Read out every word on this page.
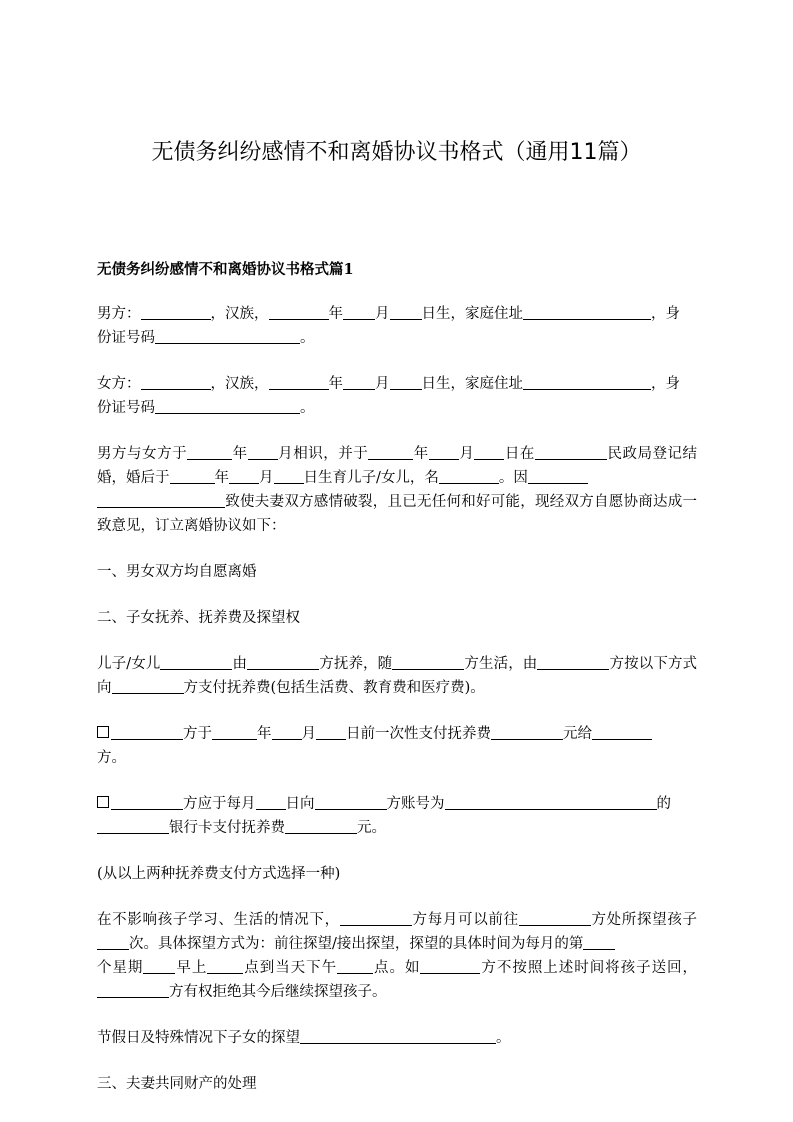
无债务纠纷感情不和离婚协议书格式（通用11篇）
无债务纠纷感情不和离婚协议书格式篇1
男方：	，汉族，	年 月 日生，家庭住址	，身
份证号码	。
女方：	，汉族，	年 月 日生，家庭住址	，身
份证号码	。
男方与女方于	年 月相识，并于	年 月 日在	民政局登记结婚，婚后于	年 月 日生育儿子/女儿，名	。因
致使夫妻双方感情破裂，且已无任何和好可能，现经双方自愿协商达成一致意见，订立离婚协议如下：
一、男女双方均自愿离婚
二、子女抚养、抚养费及探望权
儿子/女儿	由	方抚养，随	方生活，由	方按以下方式向	方支付抚养费(包括生活费、教育费和医疗费)。
方于	年 月 日前一次性支付抚养费	元给
方。
方应于每月 日向	方账号为	的
银行卡支付抚养费	元。
(从以上两种抚养费支付方式选择一种)
在不影响孩子学习、生活的情况下，	方每月可以前往	方处所探望孩子次。具体探望方式为：前往探望/接出探望，探望的具体时间为每月的第
个星期 早上 点到当天下午 点。如	方不按照上述时间将孩子送回，方有权拒绝其今后继续探望孩子。
节假日及特殊情况下子女的探望	。
三、夫妻共同财产的处理
